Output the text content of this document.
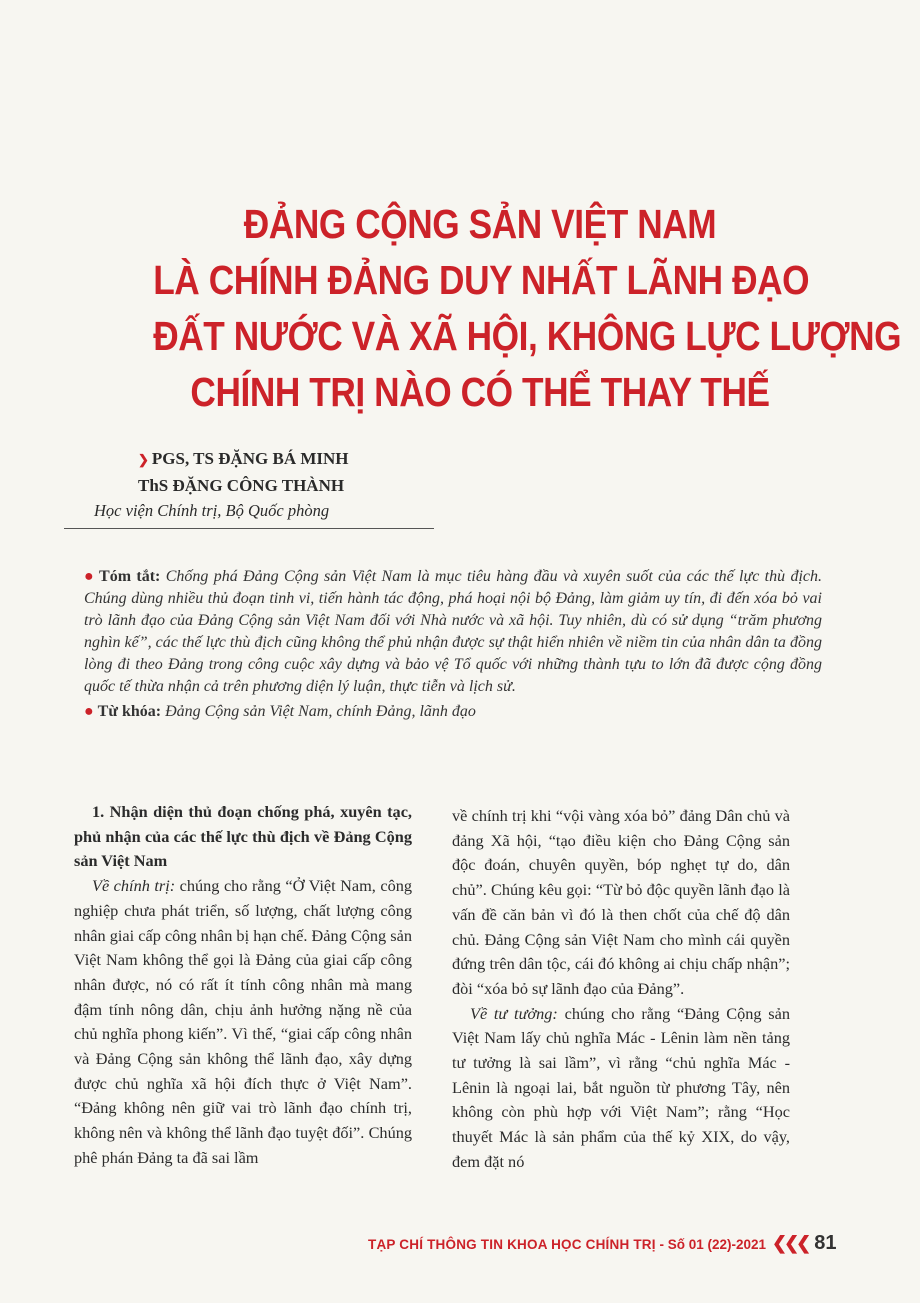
ĐẢNG CỘNG SẢN VIỆT NAM
LÀ CHÍNH ĐẢNG DUY NHẤT LÃNH ĐẠO
ĐẤT NƯỚC VÀ XÃ HỘI, KHÔNG LỰC LƯỢNG
CHÍNH TRỊ NÀO CÓ THỂ THAY THẾ
❯ PGS, TS ĐẶNG BÁ MINH
ThS ĐẶNG CÔNG THÀNH
Học viện Chính trị, Bộ Quốc phòng

● Tóm tắt: Chống phá Đảng Cộng sản Việt Nam là mục tiêu hàng đầu và xuyên suốt của các thế lực thù địch. Chúng dùng nhiều thủ đoạn tinh vi, tiến hành tác động, phá hoại nội bộ Đảng, làm giảm uy tín, đi đến xóa bỏ vai trò lãnh đạo của Đảng Cộng sản Việt Nam đối với Nhà nước và xã hội. Tuy nhiên, dù có sử dụng “trăm phương nghìn kế”, các thế lực thù địch cũng không thể phủ nhận được sự thật hiển nhiên về niềm tin của nhân dân ta đồng lòng đi theo Đảng trong công cuộc xây dựng và bảo vệ Tổ quốc với những thành tựu to lớn đã được cộng đồng quốc tế thừa nhận cả trên phương diện lý luận, thực tiễn và lịch sử.

● Từ khóa: Đảng Cộng sản Việt Nam, chính Đảng, lãnh đạo

1. Nhận diện thủ đoạn chống phá, xuyên tạc, phủ nhận của các thế lực thù địch về Đảng Cộng sản Việt Nam

Về chính trị: chúng cho rằng “Ở Việt Nam, công nghiệp chưa phát triển, số lượng, chất lượng công nhân giai cấp công nhân bị hạn chế. Đảng Cộng sản Việt Nam không thể gọi là Đảng của giai cấp công nhân được, nó có rất ít tính công nhân mà mang đậm tính nông dân, chịu ảnh hưởng nặng nề của chủ nghĩa phong kiến”. Vì thế, “giai cấp công nhân và Đảng Cộng sản không thể lãnh đạo, xây dựng được chủ nghĩa xã hội đích thực ở Việt Nam”. “Đảng không nên giữ vai trò lãnh đạo chính trị, không nên và không thể lãnh đạo tuyệt đối”. Chúng phê phán Đảng ta đã sai lầm

về chính trị khi “vội vàng xóa bỏ” đảng Dân chủ và đảng Xã hội, “tạo điều kiện cho Đảng Cộng sản độc đoán, chuyên quyền, bóp nghẹt tự do, dân chủ”. Chúng kêu gọi: “Từ bỏ độc quyền lãnh đạo là vấn đề căn bản vì đó là then chốt của chế độ dân chủ. Đảng Cộng sản Việt Nam cho mình cái quyền đứng trên dân tộc, cái đó không ai chịu chấp nhận”; đòi “xóa bỏ sự lãnh đạo của Đảng”.

Về tư tưởng: chúng cho rằng “Đảng Cộng sản Việt Nam lấy chủ nghĩa Mác - Lênin làm nền tảng tư tưởng là sai lầm”, vì rằng “chủ nghĩa Mác - Lênin là ngoại lai, bắt nguồn từ phương Tây, nên không còn phù hợp với Việt Nam”; rằng “Học thuyết Mác là sản phẩm của thế kỷ XIX, do vậy, đem đặt nó

TẠP CHÍ THÔNG TIN KHOA HỌC CHÍNH TRỊ - Số 01 (22)-2021 ❮❮❮ 81
